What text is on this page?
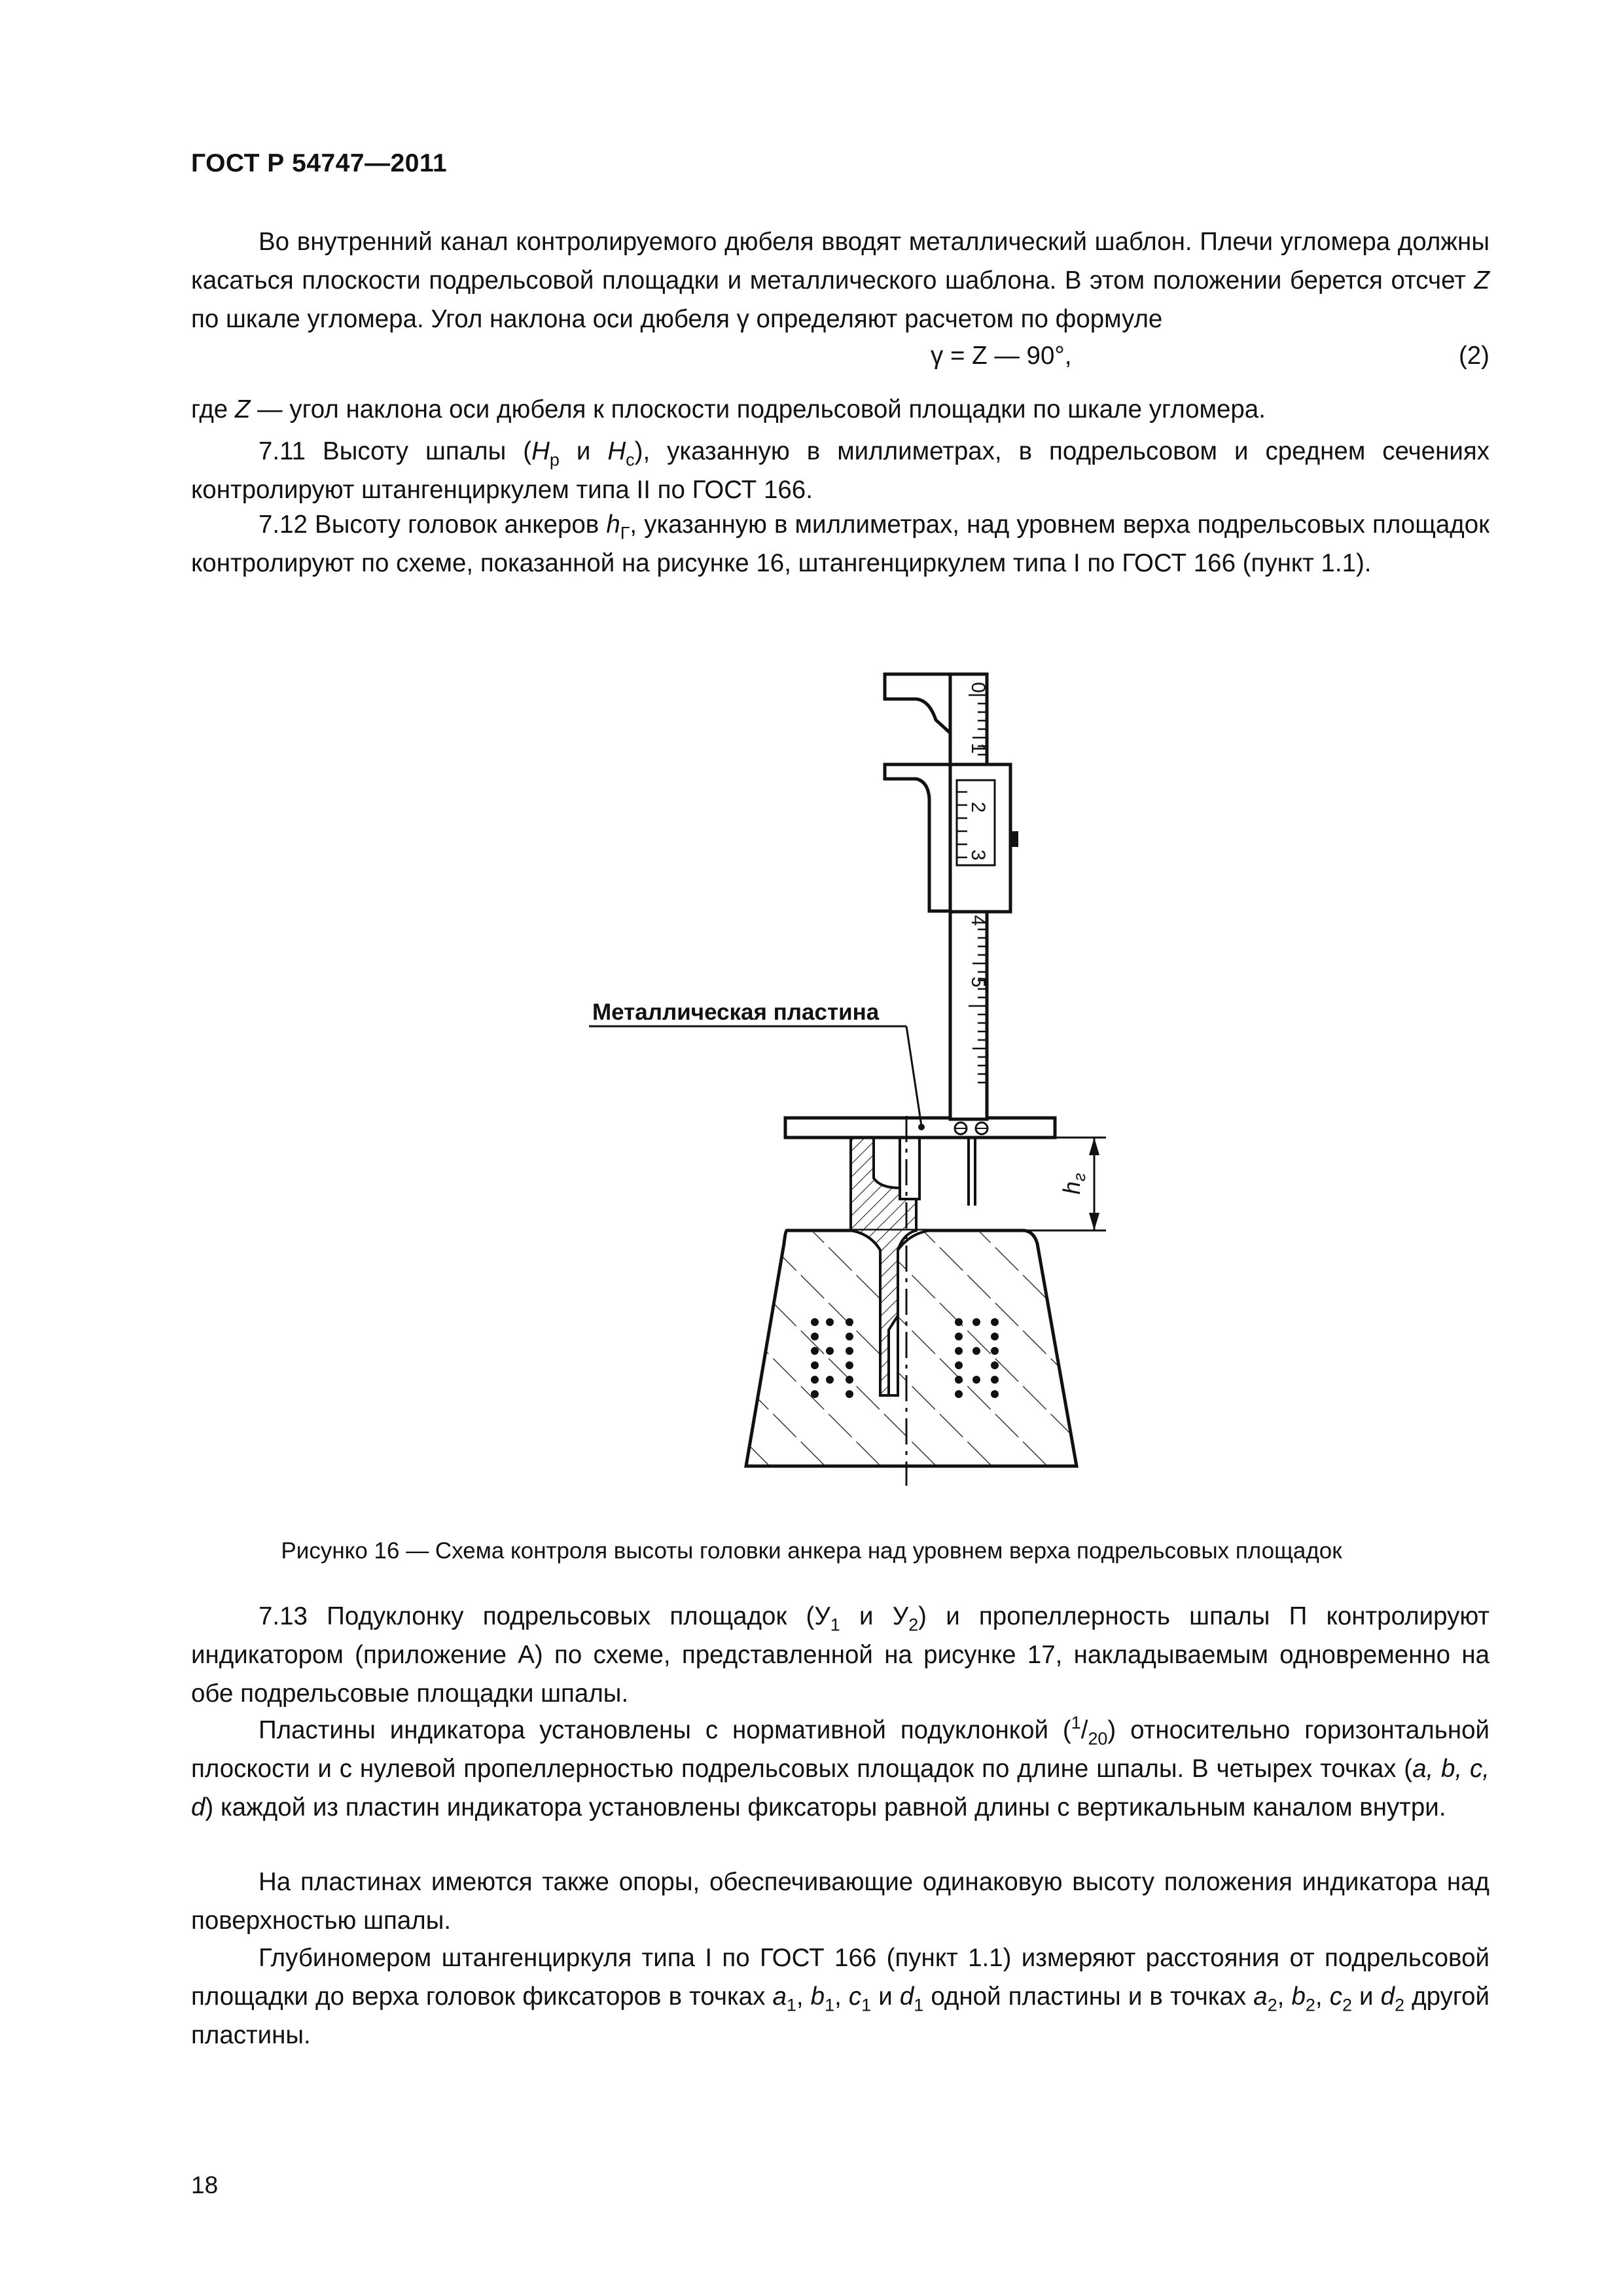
ГОСТ Р 54747—2011

Во внутренний канал контролируемого дюбеля вводят металлический шаблон. Плечи угломера должны касаться плоскости подрельсовой площадки и металлического шаблона. В этом положении берется отсчет Z по шкале угломера. Угол наклона оси дюбеля γ определяют расчетом по формуле

γ = Z — 90°,	(2)

где Z — угол наклона оси дюбеля к плоскости подрельсовой площадки по шкале угломера.

7.11 Высоту шпалы ($H_р$ и $H_с$), указанную в миллиметрах, в подрельсовом и среднем сечениях контролируют штангенциркулем типа II по ГОСТ 166.

7.12 Высоту головок анкеров $h_Г$, указанную в миллиметрах, над уровнем верха подрельсовых площадок контролируют по схеме, показанной на рисунке 16, штангенциркулем типа I по ГОСТ 166 (пункт 1.1).

0
1
2
3
4
5
$h_г$
Металлическая пластина
Рисунко 16 — Схема контроля высоты головки анкера над уровнем верха подрельсовых площадок

7.13 Подуклонку подрельсовых площадок ($У_1$ и $У_2$) и пропеллерность шпалы П контролируют индикатором (приложение А) по схеме, представленной на рисунке 17, накладываемым одновременно на обе подрельсовые площадки шпалы.

Пластины индикатора установлены с нормативной подуклонкой $(^1/_{20})$ относительно горизонтальной плоскости и с нулевой пропеллерностью подрельсовых площадок по длине шпалы. В четырех точках (a, b, c, d) каждой из пластин индикатора установлены фиксаторы равной длины с вертикальным каналом внутри.

На пластинах имеются также опоры, обеспечивающие одинаковую высоту положения индикатора над поверхностью шпалы.

Глубиномером штангенциркуля типа I по ГОСТ 166 (пункт 1.1) измеряют расстояния от подрельсовой площадки до верха головок фиксаторов в точках $a_1$, $b_1$, $c_1$ и $d_1$ одной пластины и в точках $a_2$, $b_2$, $c_2$ и $d_2$ другой пластины.

18
